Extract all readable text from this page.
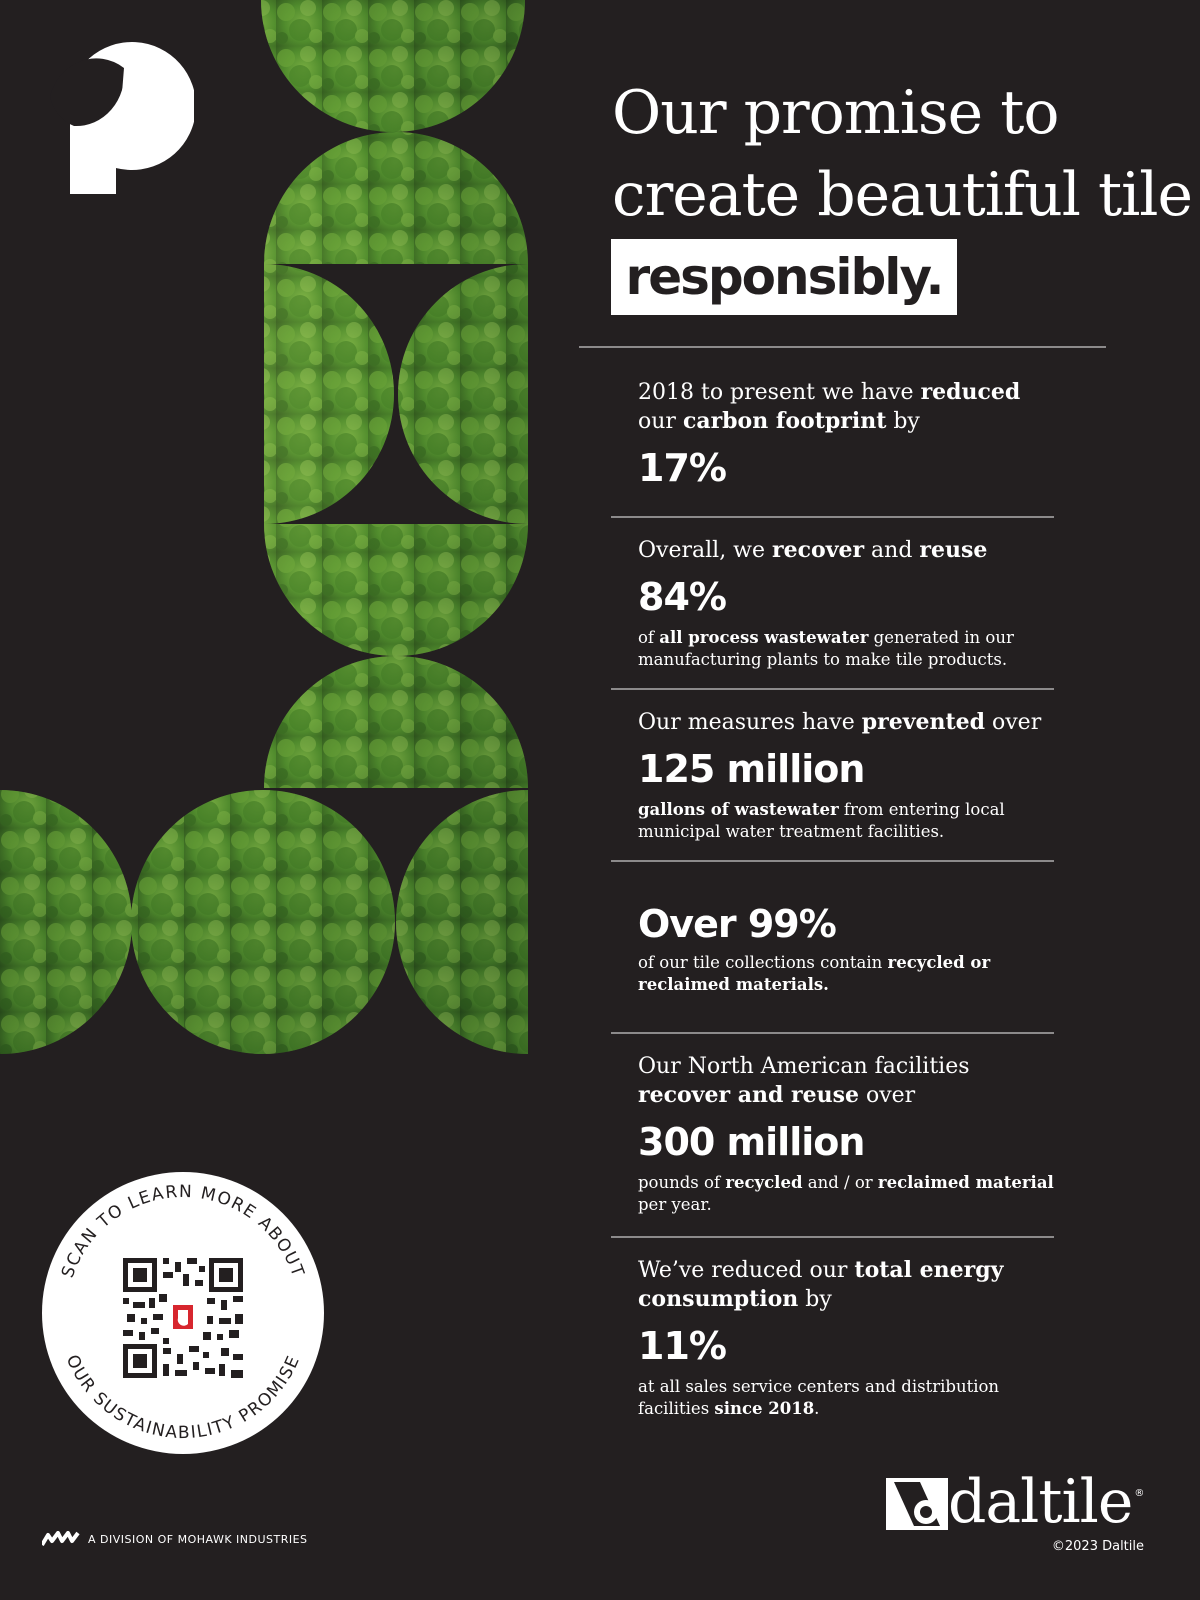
Our promise to
create beautiful tile
responsibly.
2018 to present we have reduced
our carbon footprint by
17%
Overall, we recover and reuse
84%
of all process wastewater generated in our manufacturing plants to make tile products.
Our measures have prevented over
125 million
gallons of wastewater from entering local municipal water treatment facilities.
Over 99%
of our tile collections contain recycled or reclaimed materials.
Our North American facilities
recover and reuse over
300 million
pounds of recycled and / or reclaimed material per year.
We’ve reduced our total energy consumption by
11%
at all sales service centers and distribution facilities since 2018.
SCAN TO LEARN MORE ABOUT
OUR SUSTAINABILITY PROMISE
A DIVISION OF MOHAWK INDUSTRIES
daltile ®
©2023 Daltile
